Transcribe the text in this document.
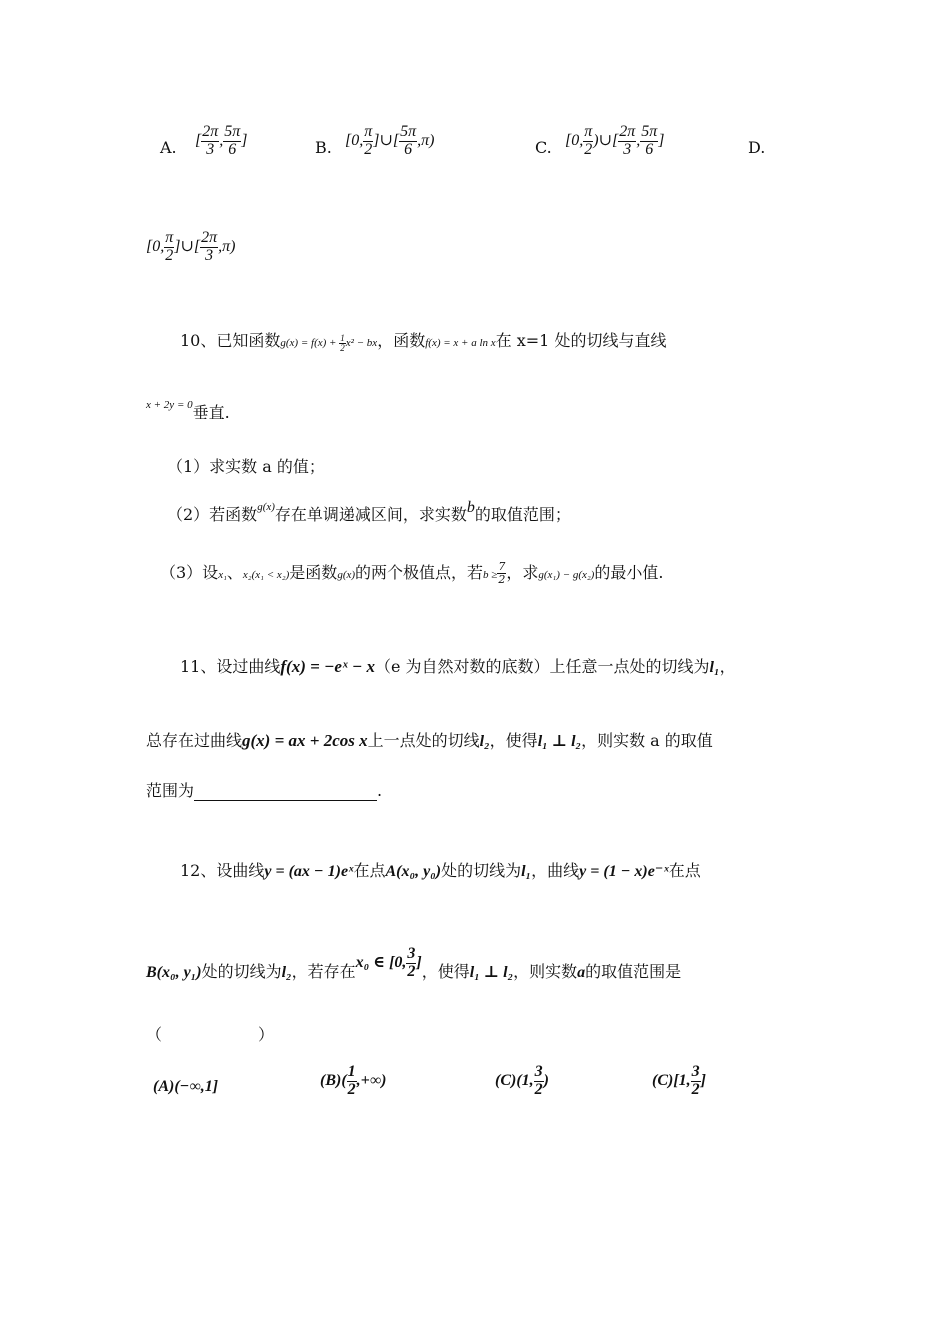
A. [ $\frac{2\pi}{3}$ , $\frac{5\pi}{6}$ ]	B. [0, $\frac{\pi}{2}$ ]∪[ $\frac{5\pi}{6} ,\pi$)	C. [0, $\frac{\pi}{2}$ )∪[ $\frac{2\pi}{3}$ , $\frac{5\pi}{6}$ ]	D.
[0, $\frac{\pi}{2}$ ]∪[ $\frac{2\pi}{3} ,\pi$)
10、已知函数$g(x) = f(x) + \frac{1}{2} x^2$ − bx，函数f(x) = x + a ln x在 x=1 处的切线与直线
$^{x + 2y = 0}$垂直.
（1）求实数 a 的值；
（2）若函数$^{g(x)}$存在单调递减区间，求实数b的取值范围；
（3）设x₁、x₂(x₁ < x₂)是函数g(x)的两个极值点，若$b \ge \frac{7}{2}$ ，求g(x₁) − g(x₂)的最小值.
11、设过曲线f(x) = −eˣ − x（e 为自然对数的底数）上任意一点处的切线为l₁，
总存在过曲线g(x) = ax + 2cos x上一点处的切线l₂，使得l₁ ⊥ l₂，则实数 a 的取值
范围为	.
12、设曲线y = (ax − 1)eˣ在点A(x₀, y₀)处的切线为l₁，曲线y = (1 − x)e⁻ˣ在点
B(x₀, y₁)处的切线为l₂，若存在x₀ ∈ [0, $\frac{3}{2}$ ]，使得l₁ ⊥ l₂，则实数a的取值范围是
（　　　　　　）
(A)(−∞,1]	$(B)( \frac{1}{2}$ ,+∞)	(C)(1, $\frac{3}{2}$ )	(C)[1, $\frac{3}{2}$ ]
